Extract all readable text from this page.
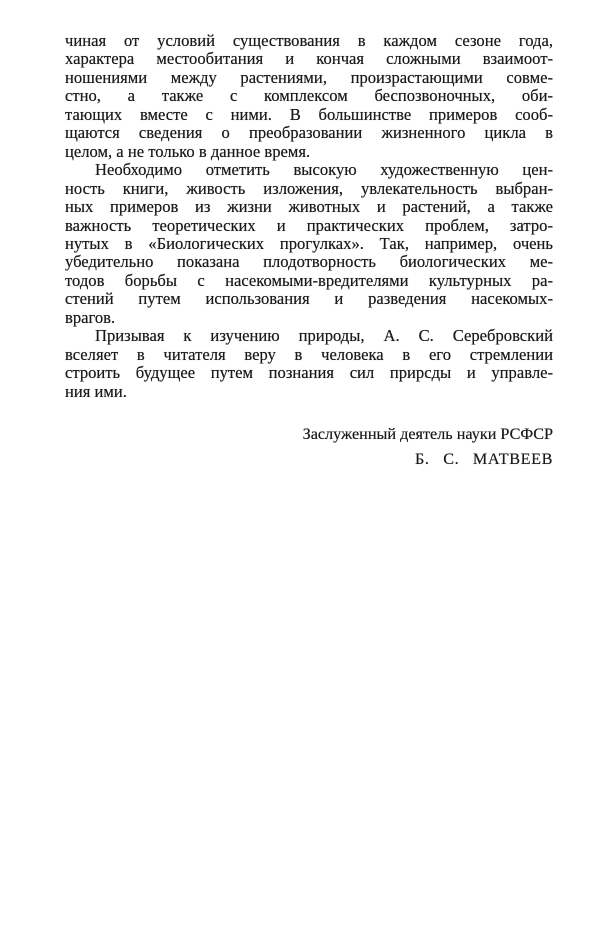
чиная от условий существования в каждом сезоне года,
характера местообитания и кончая сложными взаимоот-
ношениями между растениями, произрастающими совме-
стно, а также с комплексом беспозвоночных, оби-
тающих вместе с ними. В большинстве примеров сооб-
щаются сведения о преобразовании жизненного цикла в
целом, а не только в данное время.
Необходимо отметить высокую художественную цен-
ность книги, живость изложения, увлекательность выбран-
ных примеров из жизни животных и растений, а также
важность теоретических и практических проблем, затро-
нутых в «Биологических прогулках». Так, например, очень
убедительно показана плодотворность биологических ме-
тодов борьбы с насекомыми-вредителями культурных ра-
стений путем использования и разведения насекомых-
врагов.
Призывая к изучению природы, А. С. Серебровский
вселяет в читателя веру в человека в его стремлении
строить будущее путем познания сил прирсды и управле-
ния ими.
Заслуженный деятель науки РСФСР
Б. С. МАТВЕЕВ
